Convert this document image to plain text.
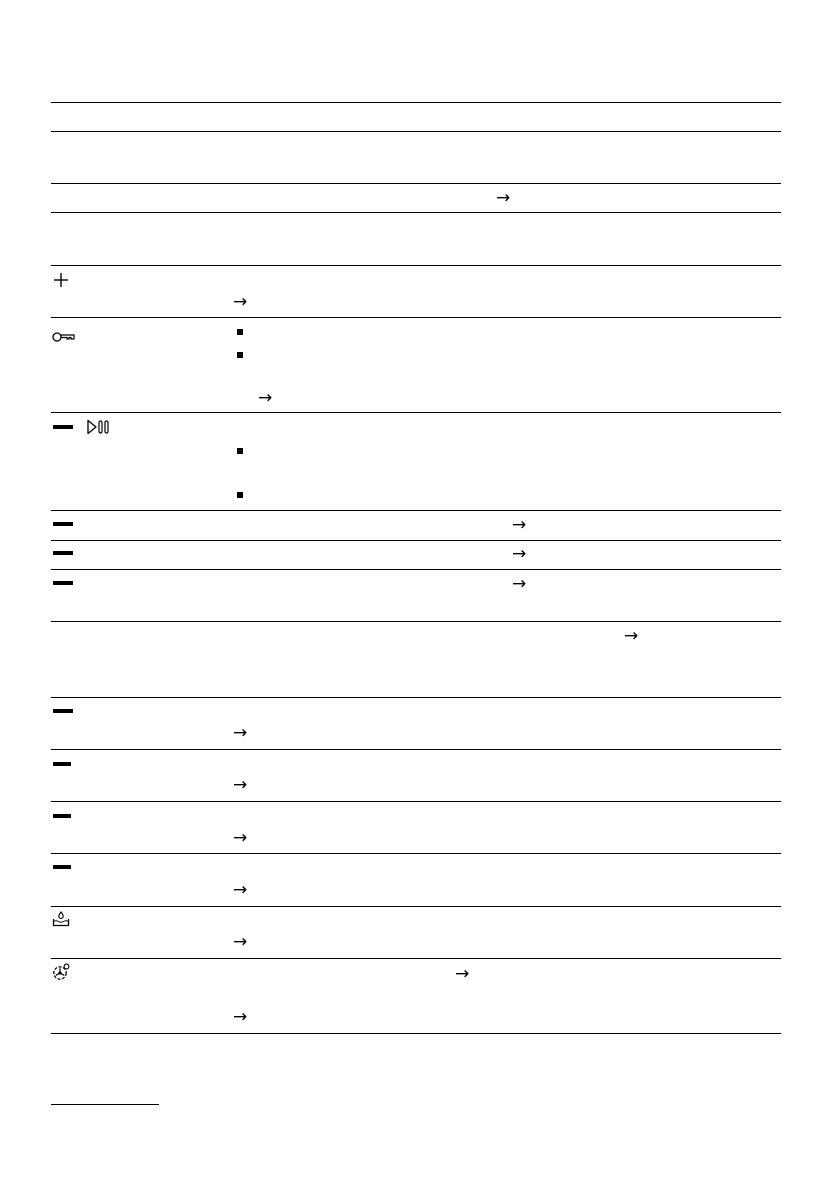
→
→
→
→
→
→
→
→
→
→
→
→
→
→
